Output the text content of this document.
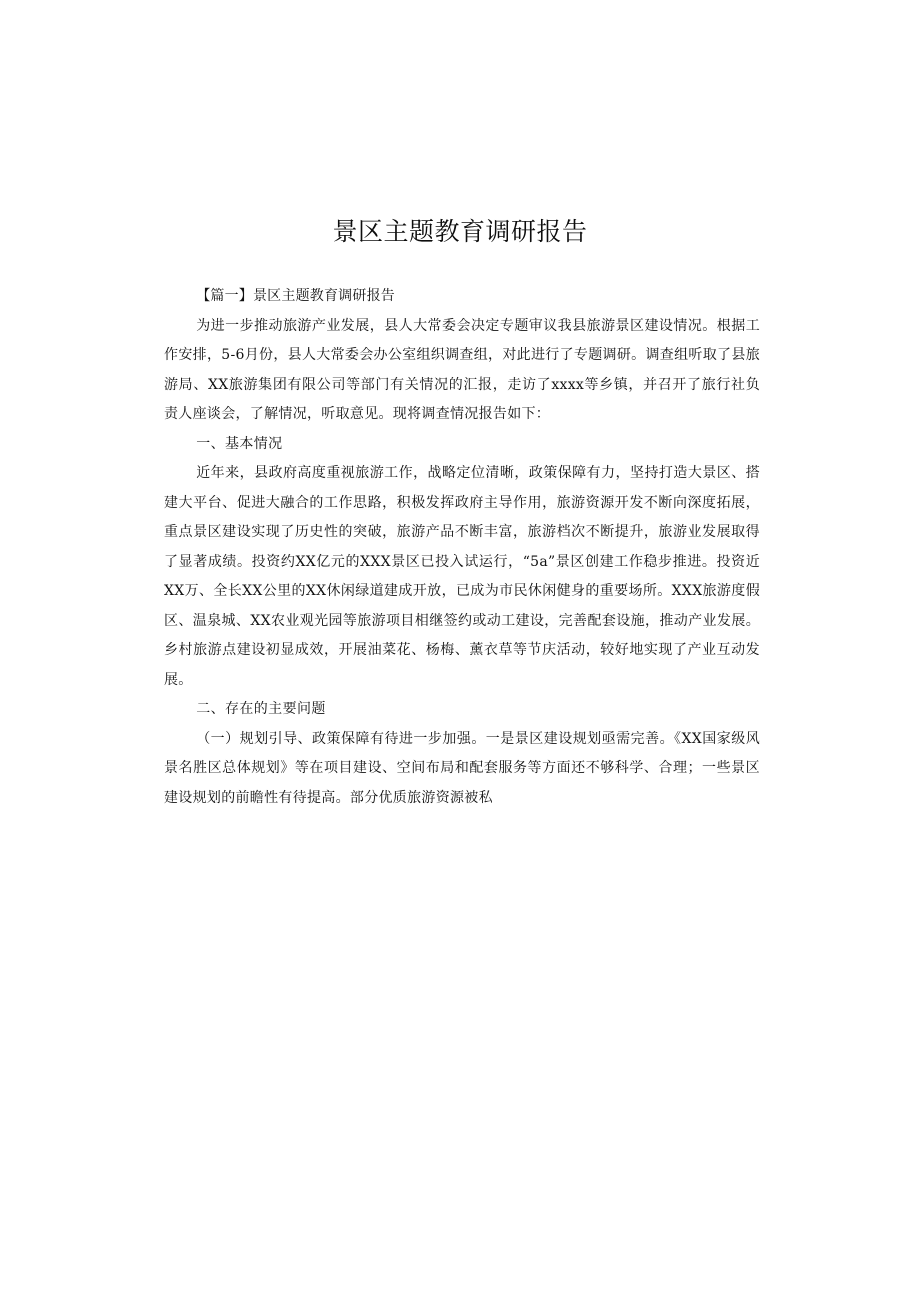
景区主题教育调研报告

【篇一】景区主题教育调研报告

为进一步推动旅游产业发展，县人大常委会决定专题审议我县旅游景区建设情况。根据工作安排，5-6月份，县人大常委会办公室组织调查组，对此进行了专题调研。调查组听取了县旅游局、XX旅游集团有限公司等部门有关情况的汇报，走访了xxxx等乡镇，并召开了旅行社负责人座谈会，了解情况，听取意见。现将调查情况报告如下：

一、基本情况

近年来，县政府高度重视旅游工作，战略定位清晰，政策保障有力，坚持打造大景区、搭建大平台、促进大融合的工作思路，积极发挥政府主导作用，旅游资源开发不断向深度拓展，重点景区建设实现了历史性的突破，旅游产品不断丰富，旅游档次不断提升，旅游业发展取得了显著成绩。投资约XX亿元的XXX景区已投入试运行，“5a”景区创建工作稳步推进。投资近XX万、全长XX公里的XX休闲绿道建成开放，已成为市民休闲健身的重要场所。XXX旅游度假区、温泉城、XX农业观光园等旅游项目相继签约或动工建设，完善配套设施，推动产业发展。乡村旅游点建设初显成效，开展油菜花、杨梅、薰衣草等节庆活动，较好地实现了产业互动发展。

二、存在的主要问题

（一）规划引导、政策保障有待进一步加强。一是景区建设规划亟需完善。《XX国家级风景名胜区总体规划》等在项目建设、空间布局和配套服务等方面还不够科学、合理；一些景区建设规划的前瞻性有待提高。部分优质旅游资源被私
